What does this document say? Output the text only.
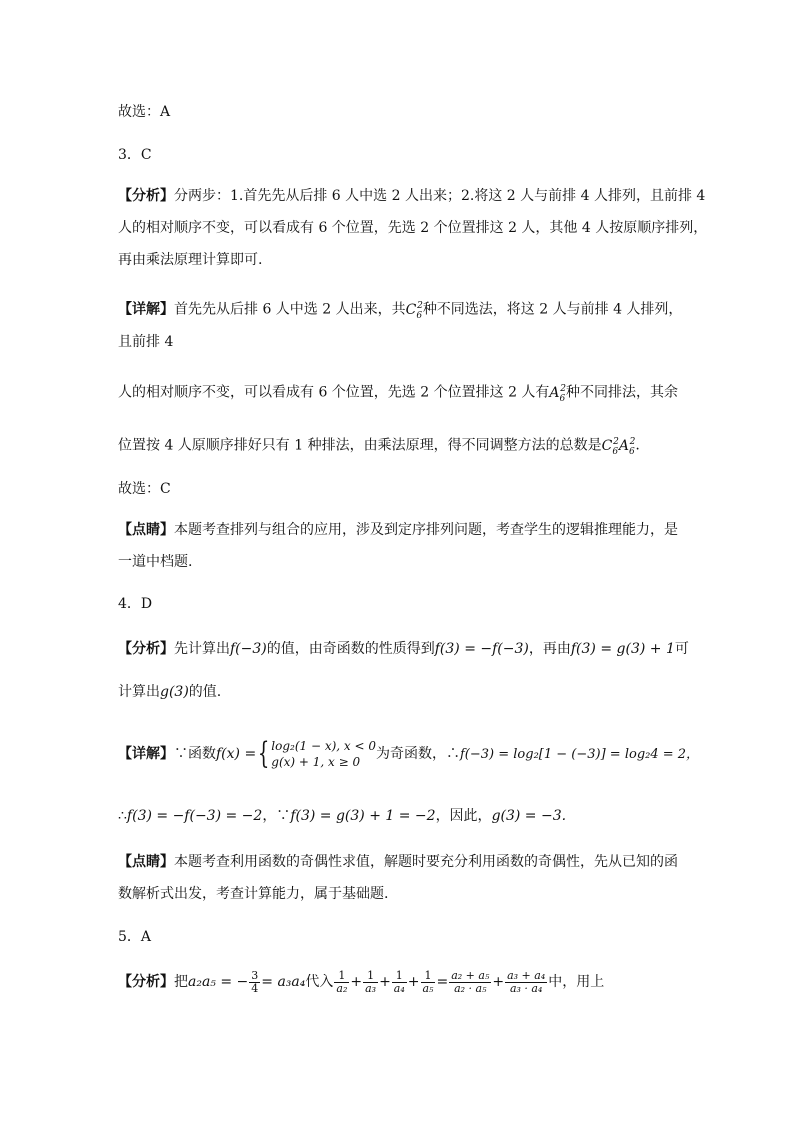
故选：A
3．C
【分析】分两步：1.首先先从后排 6 人中选 2 人出来；2.将这 2 人与前排 4 人排列，且前排 4
人的相对顺序不变，可以看成有 6 个位置，先选 2 个位置排这 2 人，其他 4 人按原顺序排列，
再由乘法原理计算即可.
【详解】首先先从后排 6 人中选 2 人出来，共$C_6^2$种不同选法，将这 2 人与前排 4 人排列，
且前排 4
人的相对顺序不变，可以看成有 6 个位置，先选 2 个位置排这 2 人有$A_6^2$种不同排法，其余
位置按 4 人原顺序排好只有 1 种排法，由乘法原理，得不同调整方法的总数是$C_6^2A_6^2$.
故选：C
【点睛】本题考查排列与组合的应用，涉及到定序排列问题，考查学生的逻辑推理能力，是
一道中档题.
4．D
【分析】先计算出f(−3)的值，由奇函数的性质得到f(3) = −f(−3)，再由f(3) = g(3) + 1可
计算出g(3)的值.
【详解】∵函数f(x) ={ log₂(1 − x), x < 0
g(x) + 1, x ≥ 0	为奇函数，∴f(−3) = log₂[1 − (−3)] = log₂4 = 2，
∴f(3) = −f(−3) = −2，∵f(3) = g(3) + 1 = −2，因此，g(3) = −3.
【点睛】本题考查利用函数的奇偶性求值，解题时要充分利用函数的奇偶性，先从已知的函
数解析式出发，考查计算能力，属于基础题.
5．A
【分析】把a₂a₅ = − $\frac{3}{4} = a_3a_4$代入 $\frac{1}{\text{a₂}} + \frac{1}{\text{a₃}} + \frac{1}{\text{a₄}} + \frac{1}{\text{a₅}} = \frac{\text{a₂ + a₅}}{\text{a₂ · a₅}} + \frac{\text{a₃ + a₄}}{\text{a₃ · a₄}}$ 中，用上
